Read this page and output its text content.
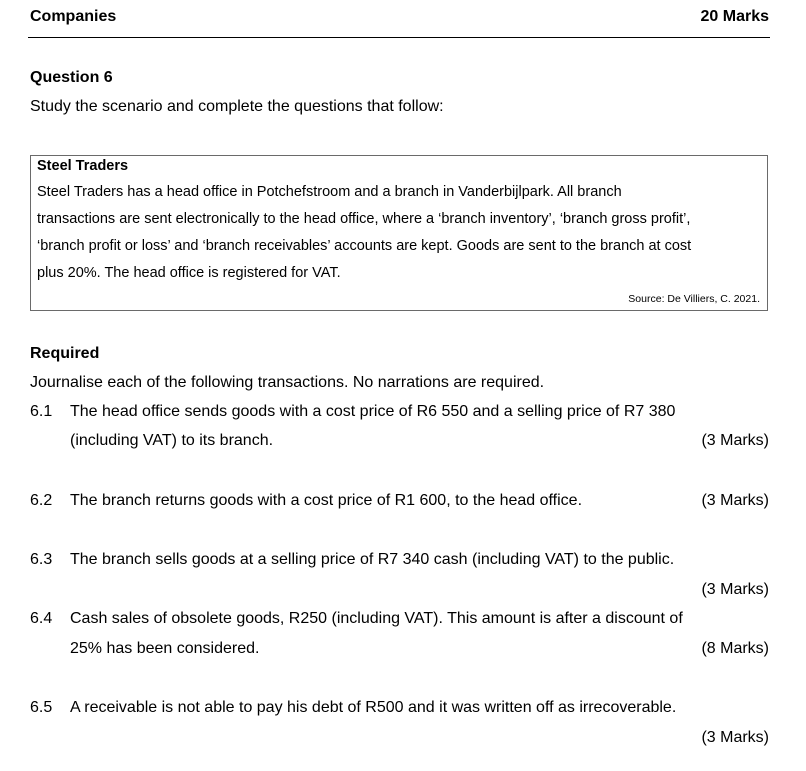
Companies	20 Marks
Question 6
Study the scenario and complete the questions that follow:
Steel Traders
Steel Traders has a head office in Potchefstroom and a branch in Vanderbijlpark. All branch
transactions are sent electronically to the head office, where a ‘branch inventory’, ‘branch gross profit’,
‘branch profit or loss’ and ‘branch receivables’ accounts are kept. Goods are sent to the branch at cost
plus 20%. The head office is registered for VAT.
Source: De Villiers, C. 2021.
Required
Journalise each of the following transactions. No narrations are required.
6.1 The head office sends goods with a cost price of R6 550 and a selling price of R7 380
(including VAT) to its branch.	(3 Marks)
6.2 The branch returns goods with a cost price of R1 600, to the head office.	(3 Marks)
6.3 The branch sells goods at a selling price of R7 340 cash (including VAT) to the public.
(3 Marks)
6.4 Cash sales of obsolete goods, R250 (including VAT). This amount is after a discount of
25% has been considered.	(8 Marks)
6.5 A receivable is not able to pay his debt of R500 and it was written off as irrecoverable.
(3 Marks)
